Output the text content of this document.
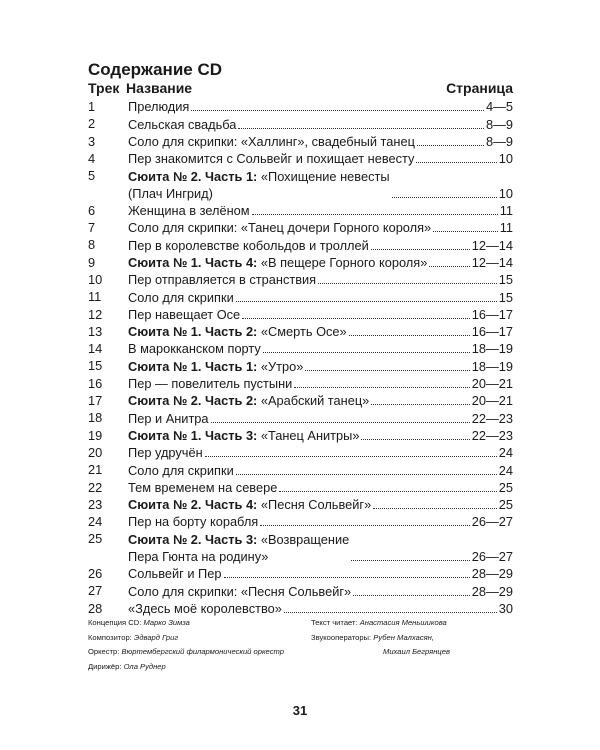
Содержание CD
Трек Название	Страница
1	Прелюдия	4—5
2	Сельская свадьба	8—9
3	Соло для скрипки: «Халлинг», свадебный танец	8—9
4	Пер знакомится с Сольвейг и похищает невесту	10
5	Сюита № 2. Часть 1: «Похищение невесты
(Плач Ингрид)	10
6	Женщина в зелёном	11
7	Соло для скрипки: «Танец дочери Горного короля»	11
8	Пер в королевстве кобольдов и троллей	12—14
9	Сюита № 1. Часть 4: «В пещере Горного короля»	12—14
10	Пер отправляется в странствия	15
11	Соло для скрипки	15
12	Пер навещает Осе	16—17
13	Сюита № 1. Часть 2: «Смерть Осе»	16—17
14	В марокканском порту	18—19
15	Сюита № 1. Часть 1: «Утро»	18—19
16	Пер — повелитель пустыни	20—21
17	Сюита № 2. Часть 2: «Арабский танец»	20—21
18	Пер и Анитра	22—23
19	Сюита № 1. Часть 3: «Танец Анитры»	22—23
20	Пер удручён	24
21	Соло для скрипки	24
22	Тем временем на севере	25
23	Сюита № 2. Часть 4: «Песня Сольвейг»	25
24	Пер на борту корабля	26—27
25	Сюита № 2. Часть 3: «Возвращение
Пера Гюнта на родину»	26—27
26	Сольвейг и Пер	28—29
27	Соло для скрипки: «Песня Сольвейг»	28—29
28	«Здесь моё королевство»	30
Концепция CD: Марко Зимза
Композитор: Эдвард Григ
Оркестр: Вюртембергский филармонический оркестр
Дирижёр: Ола Руднер
Текст читает: Анастасия Меньшикова
Звукооператоры: Рубен Малхасян,
Михаил Бегрянцев
31
